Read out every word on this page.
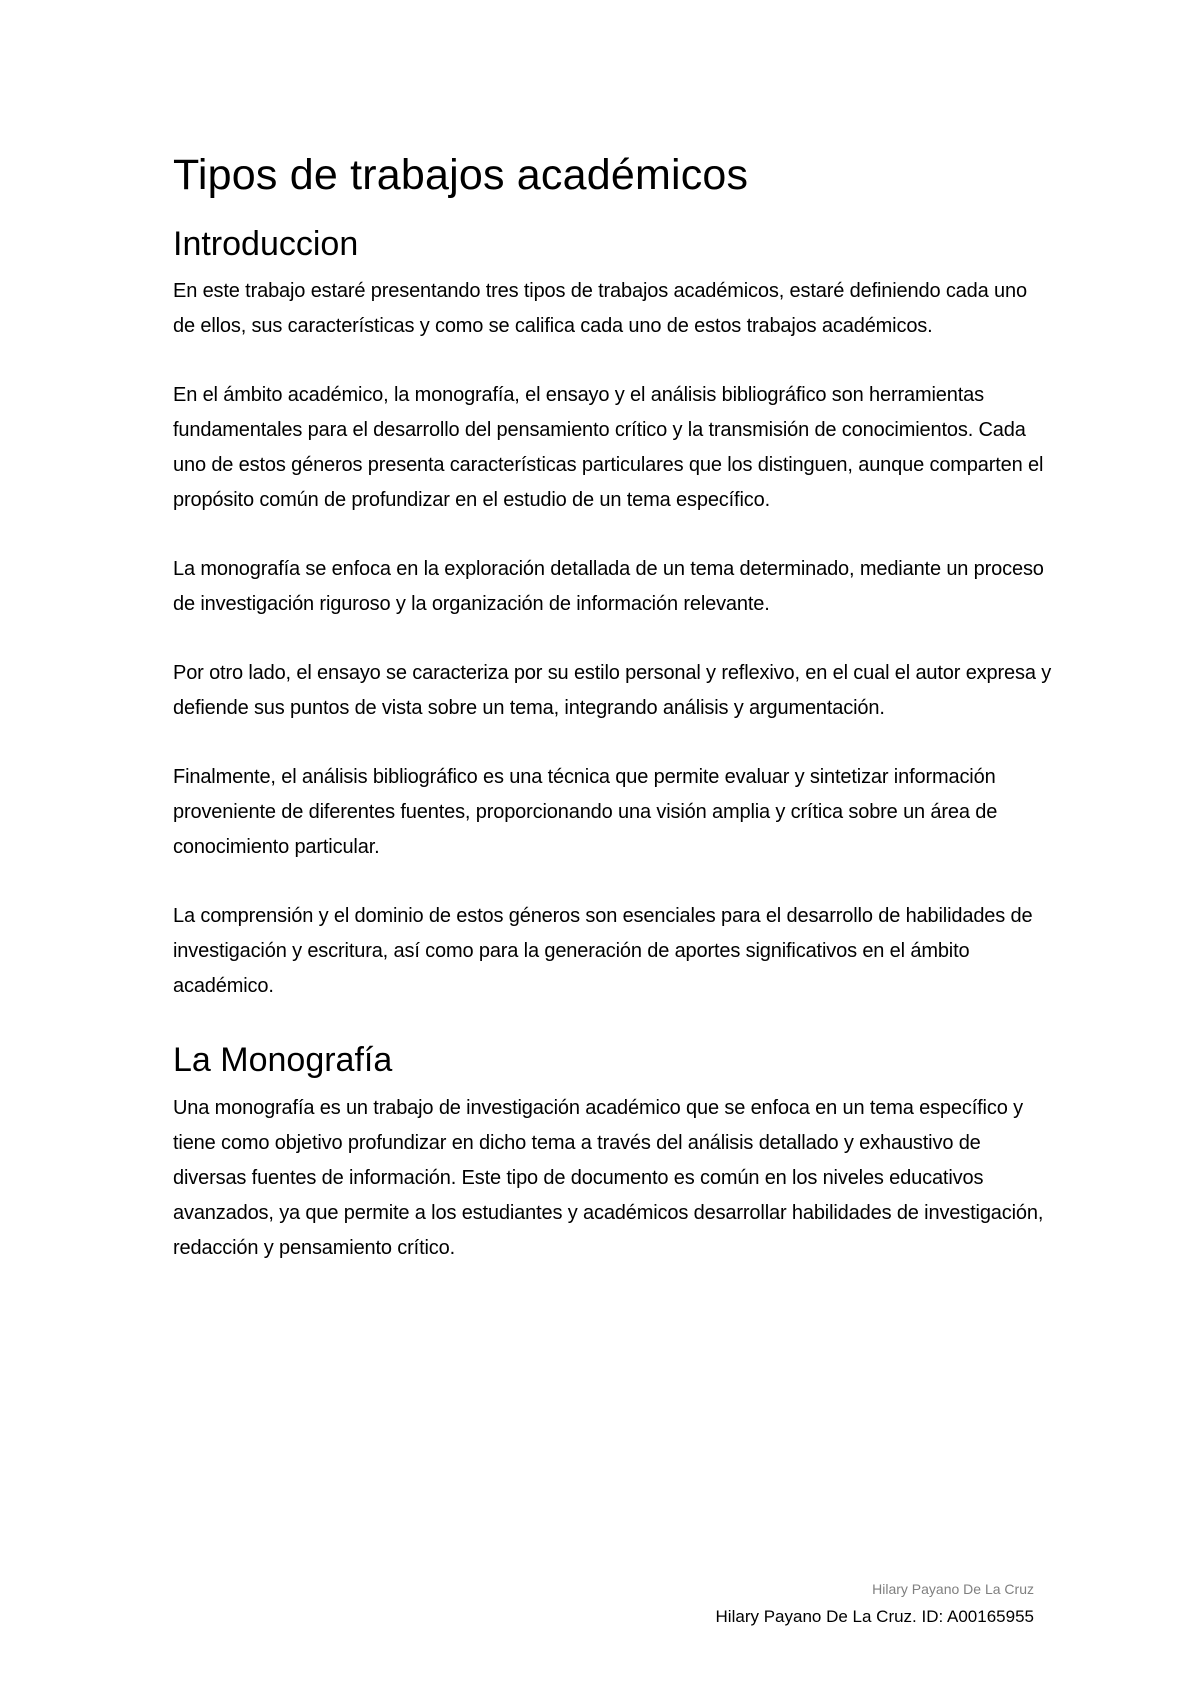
Tipos de trabajos académicos
Introduccion

En este trabajo estaré presentando tres tipos de trabajos académicos, estaré definiendo cada uno de ellos, sus características y como se califica cada uno de estos trabajos académicos.

En el ámbito académico, la monografía, el ensayo y el análisis bibliográfico son herramientas fundamentales para el desarrollo del pensamiento crítico y la transmisión de conocimientos. Cada uno de estos géneros presenta características particulares que los distinguen, aunque comparten el propósito común de profundizar en el estudio de un tema específico.

La monografía se enfoca en la exploración detallada de un tema determinado, mediante un proceso de investigación riguroso y la organización de información relevante.

Por otro lado, el ensayo se caracteriza por su estilo personal y reflexivo, en el cual el autor expresa y defiende sus puntos de vista sobre un tema, integrando análisis y argumentación.

Finalmente, el análisis bibliográfico es una técnica que permite evaluar y sintetizar información proveniente de diferentes fuentes, proporcionando una visión amplia y crítica sobre un área de conocimiento particular.

La comprensión y el dominio de estos géneros son esenciales para el desarrollo de habilidades de investigación y escritura, así como para la generación de aportes significativos en el ámbito académico.

La Monografía

Una monografía es un trabajo de investigación académico que se enfoca en un tema específico y tiene como objetivo profundizar en dicho tema a través del análisis detallado y exhaustivo de diversas fuentes de información. Este tipo de documento es común en los niveles educativos avanzados, ya que permite a los estudiantes y académicos desarrollar habilidades de investigación, redacción y pensamiento crítico.

Hilary Payano De La Cruz
Hilary Payano De La Cruz. ID: A00165955
